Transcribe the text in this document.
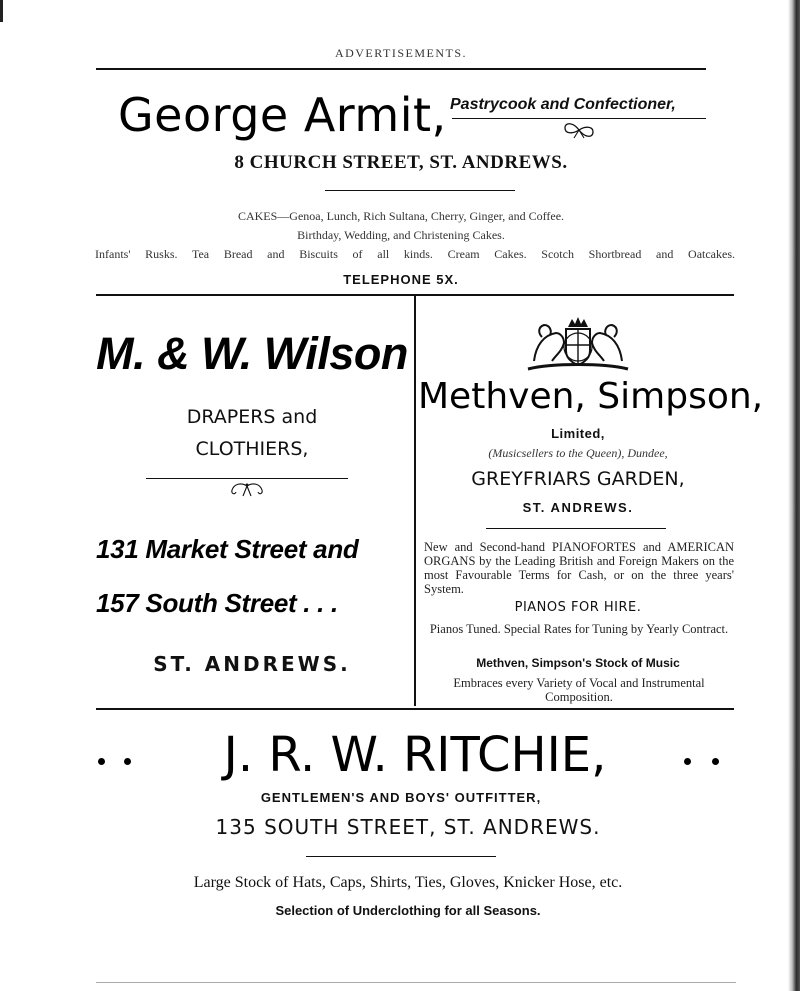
ADVERTISEMENTS.
George Armit, Pastrycook and Confectioner,
8 CHURCH STREET, ST. ANDREWS.
CAKES—Genoa, Lunch, Rich Sultana, Cherry, Ginger, and Coffee.
Birthday, Wedding, and Christening Cakes.
Infants' Rusks. Tea Bread and Biscuits of all kinds. Cream Cakes. Scotch Shortbread and Oatcakes.
TELEPHONE 5X.
M. & W. Wilson
DRAPERS and
CLOTHIERS,
131 Market Street and
157 South Street . . .
ST. ANDREWS.
Methven, Simpson,
Limited,
(Musicsellers to the Queen), Dundee,
GREYFRIARS GARDEN,
ST. ANDREWS.
New and Second-hand PIANOFORTES and AMERICAN ORGANS by the Leading British and Foreign Makers on the most Favourable Terms for Cash, or on the three years' System.
PIANOS FOR HIRE.
Pianos Tuned. Special Rates for Tuning by Yearly Contract.
Methven, Simpson's Stock of Music
Embraces every Variety of Vocal and Instrumental Composition.
J. R. W. RITCHIE,
GENTLEMEN'S AND BOYS' OUTFITTER,
135 SOUTH STREET, ST. ANDREWS.
Large Stock of Hats, Caps, Shirts, Ties, Gloves, Knicker Hose, etc.
Selection of Underclothing for all Seasons.
